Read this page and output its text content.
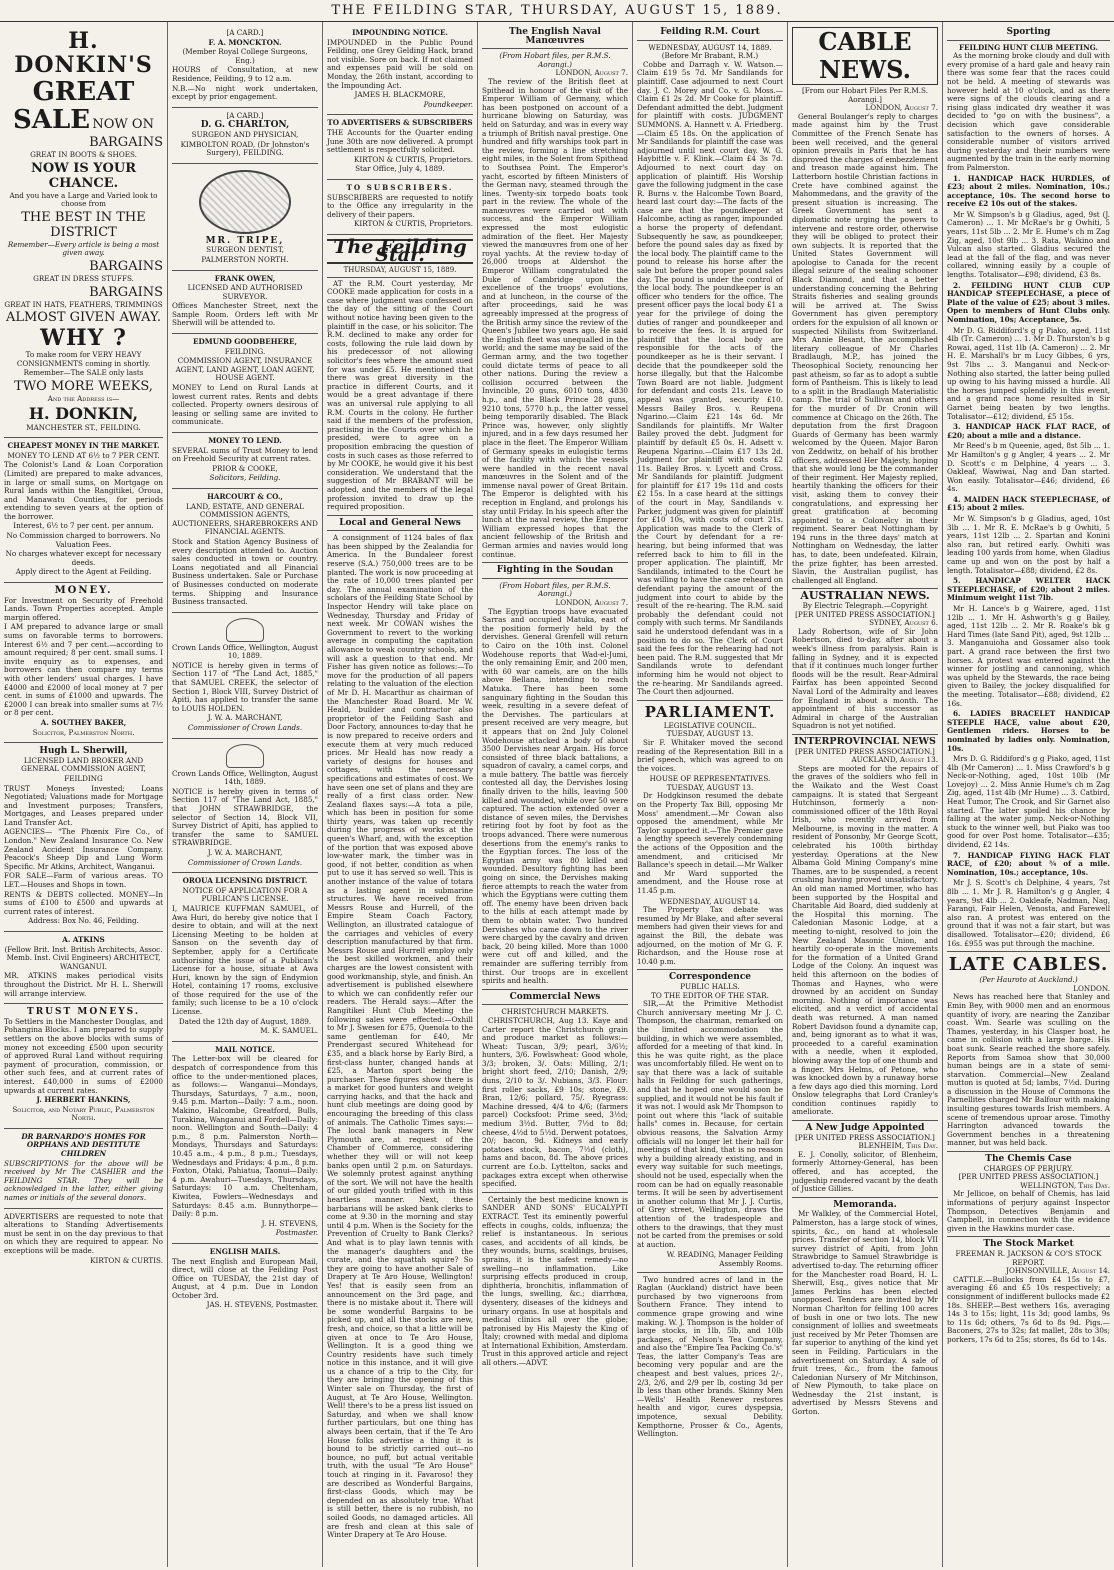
THE FEILDING STAR, THURSDAY, AUGUST 15, 1889.

H. DONKIN'S

GREAT SALE NOW ON

BARGAINS

GREAT IN BOOTS & SHOES.

NOW IS YOUR CHANCE.

And you have a Large and Varied look to choose from

THE BEST IN THE DISTRICT

Remember—Every article is being a most given away.

BARGAINS

GREAT IN DRESS STUFFS.

BARGAINS

GREAT IN HATS, FEATHERS, TRIMMINGS

ALMOST GIVEN AWAY.

WHY ?

To make room for VERY HEAVY CONSIGNMENTS coming in shortly.

Remember—The SALE only lasts

TWO MORE WEEKS,

And the Address is—

H. DONKIN,

MANCHESTER ST., FEILDING.

CHEAPEST MONEY IN THE MARKET.

MONEY TO LEND AT 6½ to 7 PER CENT.

The Colonist's Land & Loan Corporation (Limited) are prepared to make advances, in large or small sums, on Mortgage on Rural lands within the Rangitikei, Oroua, and Manawatu Counties, for periods extending to seven years at the option of the borrower.

Interest, 6½ to 7 per cent. per annum.

No Commission charged to borrowers. No Valuation Fees.

No charges whatever except for necessary deeds.

Apply direct to the Agent at Feilding.

MONEY.

For Investment on Security of Freehold Lands. Town Properties accepted. Ample margin offered.

I AM prepared to advance large or small sums on favorable terms to borrowers. Interest 6½ and 7 per cent.—according to amount required; 8 per cent. small sums. I invite enquiry as to expenses, and borrowers can then compare my terms with other lenders' usual charges. I have £4000 and £2000 of local money at 7 per cent. in sums of £1000 and upwards. The £2000 I can break into smaller sums at 7½ or 8 per cent.

A. SOUTHEY BAKER,

Solicitor, Palmerston North.

Hugh L. Sherwill,

LICENSED LAND BROKER AND GENERAL COMMISSION AGENT,

FEILDING

TRUST Moneys Invested; Loans Negotiated; Valuations made for Mortgage and Investment purposes; Transfers, Mortgages, and Leases prepared under Land Transfer Act.

AGENCIES— "The Phœnix Fire Co., of London." New Zealand Insurance Co. New Zealand Accident Insurance Company. Peacock's Sheep Dip and Lung Worm Specific. Mr Atkins, Architect, Wanganui.

FOR SALE—Farm of various areas. TO LET.—Houses and Shops in town.

RENTS & DEBTS collected. MONEY—In sums of £100 to £500 and upwards at current rates of interest.

Address: Box No. 46, Feilding.

A. ATKINS

(Fellow Brit. Inst. British Architects, Assoc. Memb. Inst. Civil Engineers) ARCHITECT, WANGANUI.

MR. ATKINS makes periodical visits throughout the District. Mr H. L. Sherwill will arrange interview.

TRUST MONEYS.

To Settlers in the Manchester Douglas, and Pohangina Blocks. I am prepared to supply settlers on the above blocks with sums of money not exceeding £500 upon security of approved Rural Land without requiring payment of procuration, commission, or other such fees, and at current rates of interest. £40,000 in sums of £2000 upwards at current rates.

J. HERBERT HANKINS,

Solicitor, and Notary Public, Palmerston North.

DR BARNARDO'S HOMES FOR ORPHANS AND DESTITUTE CHILDREN

SUBSCRIPTIONS for the above will be received by Mr The CASHIER and the FEILDING STAR. They will be acknowledged in the latter, either giving names or initials of the several donors.

ADVERTISERS are requested to note that alterations to Standing Advertisements must be sent in on the day previous to that on which they are required to appear. No exceptions will be made.

KIRTON & CURTIS.

[A CARD.]

F. A. MONCKTON.

(Member Royal College Surgeons, Eng.)

HOURS of Consultation, at new Residence, Feilding, 9 to 12 a.m.

N.B.—No night work undertaken, except by prior engagement.

[A CARD.]

D. G. CHARLTON,

SURGEON AND PHYSICIAN,

KIMBOLTON ROAD, (Dr Johnston's Surgery), FEILDING.

MR. TRIPE,

SURGEON DENTIST,

PALMERSTON NORTH.

FRANK OWEN,

LICENSED AND AUTHORISED SURVEYOR.

Offices Manchester Street, next the Sample Room. Orders left with Mr Sherwill will be attended to.

EDMUND GOODBEHERE,

FEILDING.

COMMISSION AGENT, INSURANCE AGENT, LAND AGENT, LOAN AGENT, HOUSE AGENT.

MONEY to Lend on Rural Lands at lowest current rates. Rents and debts collected. Property owners desirous of leasing or selling same are invited to communicate.

MONEY TO LEND.

SEVERAL sums of Trust Money to lend on Freehold Security at current rates.

PRIOR & COOKE,

Solicitors, Feilding.

HARCOURT & CO.,

LAND, ESTATE, AND GENERAL COMMISSION AGENTS, AUCTIONEERS, SHAREBROKERS AND FINANCIAL AGENTS.

Stock and Station Agency Business of every description attended to. Auction sales conducted in town or country. Loans negotiated and all Financial Business undertaken. Sale or Purchase of Businesses conducted on moderate terms. Shipping and Insurance Business transacted.

Crown Lands Office, Wellington, August 10, 1889.

NOTICE is hereby given in terms of Section 117 of "The Land Act, 1885," that SAMUEL CREEK, the selector of Section 1, Block VIII, Survey District of Apiti, has applied to transfer the same to LOUIS HOLDEN.

J. W. A. MARCHANT,

Commissioner of Crown Lands.

Crown Lands Office, Wellington, August 14th, 1889.

NOTICE is hereby given in terms of Section 117 of "The Land Act, 1885," that JOHN STRAWBRIDGE, the selector of Section 14, Block VII, Survey District of Apiti, has applied to transfer the same to SAMUEL STRAWBRIDGE.

J. W. A. MARCHANT,

Commissioner of Crown Lands.

OROUA LICENSING DISTRICT.

NOTICE OF APPLICATION FOR A PUBLICAN'S LICENSE.

I, MAURICE KUFFMAN SAMUEL, of Awa Huri, do hereby give notice that I desire to obtain, and will at the next Licensing Meeting to be holden at Sanson on the seventh day of September, apply for a Certificate authorising the issue of a Publican's License for a house, situate at Awa Huri, known by the sign of Endymion Hotel, containing 17 rooms, exclusive of those required for the use of the family; such license to be a 10 o'clock License.

Dated the 12th day of August, 1889.

M. K. SAMUEL.

MAIL NOTICE.

The Letter-box will be cleared for despatch of correspondence from this office to the under-mentioned places, as follows:— Wanganui—Mondays, Thursdays, Saturdays, 7 a.m., noon, 9.45 p.m. Marton—Daily: 7 a.m., noon. Makino, Halcombe, Greatford, Bulls, Turakina, Wanganui and Fordell—Daily: noon. Wellington and South—Daily: 4 p.m., 8 p.m. Palmerston North—Mondays, Thursdays and Saturdays: 10.45 a.m., 4 p.m., 8 p.m.; Tuesdays, Wednesdays and Fridays: 4 p.m., 8 p.m. Foxton, Otaki, Pahiatua, Taonui—Daily: 4 p.m. Awahuri—Tuesdays, Thursdays, Saturdays: 10 a.m. Cheltenham, Kiwitea, Fowlers—Wednesdays and Saturdays: 8.45 a.m. Bunnythorpe—Daily: 8 p.m.

J. H. STEVENS,

Postmaster.

ENGLISH MAILS.

The next English and European Mail, direct, will close at the Feilding Post Office on TUESDAY, the 21st day of August, at 4 p.m. Due in London October 3rd.

JAS. H. STEVENS, Postmaster.

IMPOUNDING NOTICE.

IMPOUNDED in the Public Pound Feilding, one Grey Gelding Hack, brand not visible. Sore on back. If not claimed and expenses paid will be sold on Monday, the 26th instant, according to the Impounding Act.

JAMES H. BLACKMORE,

Poundkeeper.

TO ADVERTISERS & SUBSCRIBERS

THE Accounts for the Quarter ending June 30th are now delivered. A prompt settlement is respectfully solicited.

KIRTON & CURTIS, Proprietors.

Star Office, July 4, 1889.

TO SUBSCRIBERS.

SUBSCRIBERS are requested to notify to the Office any irregularity in the delivery of their papers.

KIRTON & CURTIS, Proprietors.

The Feilding Star.
THURSDAY, AUGUST 15, 1889.

AT the R.M. Court yesterday, Mr COOKE made application for costs in a case where judgment was confessed on the day of the sitting of the Court without notice having been given to the plaintiff in the case, or his solicitor. The R.M. declined to make any order for costs, following the rule laid down by his predecessor of not allowing solicitor's fees where the amount sued for was under £5. He mentioned that there was great diversity in the practice in different Courts, and it would be a great advantage if there was an universal rule applying to all R.M. Courts in the colony. He further said if the members of the profession, practising in the Courts over which he presided, were to agree on a proposition embracing the question of costs in such cases as those referred to by Mr COOKE, he would give it his best consideration. We understand that the suggestion of Mr BRABANT will be adopted, and the members of the legal profession invited to draw up the required proposition.

Local and General News

A consignment of 1124 bales of flax has been shipped by the Zealandia for America. In the Bundaleer forest reserve (S.A.) 750,000 trees are to be planted. The work is now proceeding at the rate of 10,000 trees planted per day. The annual examination of the scholars of the Feilding State School by Inspector Hendry will take place on Wednesday, Thursday and Friday of next week. Mr COWAN wishes the Government to revert to the working average in computing the capitation allowance to weak country schools, and will ask a question to that end. Mr Fisher has given notice as follows:—To move for the production of all papers relating to the valuation of the election of Mr D. H. Macarthur as chairman of the Manchester Road Board. Mr W. Heald, builder and contractor also proprietor of the Feilding Sash and Door Factory, announces to-day that he is now prepared to receive orders and execute them at very much reduced prices. Mr Heald has now ready a variety of designs for houses and cottages, with the necessary specifications and estimates of cost. We have seen one set of plans and they are really of a first class order. New Zealand flaxes says:—A tota a pile, which has been in position for some thirty years, was taken up recently during the progress of works at the queen's Wharf, and, with the exception of the portion that was exposed above low-water mark, the timber was in good, if not better, condition as when put to use it has served so well. This is another instance of the value of totara as a lasting agent in submarine structures. We have received from Messrs Rouse and Hurrell, of the Empire Steam Coach Factory, Wellington, an illustrated catalogue of the carriages and vehicles of every description manufactured by that firm. Messrs Rouse and Hurrell employ only the best skilled workmen, and their charges are the lowest consistent with good workmanship, style, and finish. An advertisement is published elsewhere to which we can confidently refer our readers. The Herald says:—After the Rangitikei Hunt Club Meeting the following sales were effected:—Oxhill to Mr J. Swesen for £75, Quenola to the same gentleman for £40, Mr Prendergast secured Whitehead for £35, and a black horse by Early Bird, a first-class hunter, changed hands at £25, a Marton sport being the purchaser. These figures show there is a market for good hunters and weight carrying hacks, and that the hack and hunt club meetings are doing good by encouraging the breeding of this class of animals. The Catholic Times says:—The local bank managers in New Plymouth are, at request of the Chamber of Commerce, considering whether they will or will not keep banks open until 2 p.m. on Saturdays. We solemnly protest against anything of the sort. We will not have the health of our gilded youth trifled with in this heartless manner. Next, these barbarians will be asked bank clerks to come at 9.30 in the morning and stay until 4 p.m. When is the Society for the Prevention of Cruelty to Bank Clerks? And what is to play lawn tennis with the manager's daughters and the curate, and the squattah squire? So they are going to have another Sale of Drapery at Te Aro House, Wellington! Yes! that is easily seen from an announcement on the 3rd page, and there is no mistake about it. There will be some wonderful Bargains to be picked up, and all the stocks are new, fresh, and choice, so that a little will be given at once to Te Aro House, Wellington. It is a good thing we Country residents have such timely notice in this instance, and it will give us a chance of a trip to the City, for they are bringing the opening of this Winter sale on Thursday, the first of August, at Te Aro House, Wellington. Well! there's to be a press list issued on Saturday, and when we shall know further particulars, but one thing has always been certain, that if the Te Aro House folks advertise a thing it is bound to be strictly carried out—no bounce, no puff, but actual veritable truth, with the usual "Te Aro House" touch at ringing in it. Favaroso! they are described as Wonderful Bargains, first-class Goods, which may be depended on as absolutely true. What is still better, there is no rubbish, no soiled Goods, no damaged articles. All are fresh and clean at this sale of Winter Drapery at Te Aro House.

The English Naval Manœuvres

(From Hobart files, per R.M.S. Aorangi.)

LONDON, August 7.

The review of the British fleet at Spithead in honour of the visit of the Emperor William of Germany, which has been postponed on account of a hurricane blowing on Saturday, was held on Saturday, and was in every way a triumph of British naval prestige. One hundred and fifty warships took part in the review, forming a line stretching eight miles, in the Solent from Spithead to Southsea Point. The Emperor's yacht, escorted by fifteen Ministers of the German navy, steamed through the lines. Twenty-six torpedo boats took part in the review. The whole of the manœuvres were carried out with success, and the Emperor William expressed the most eulogistic admiration of the fleet. Her Majesty viewed the manœuvres from one of her royal yachts. At the review to-day of 26,000 troops at Aldershot the Emperor William congratulated the Duke of Cambridge upon the excellence of the troops' evolutions, and at luncheon, in the course of the after proceedings, said he was agreeably impressed at the progress of the British army since the review of the Queen's Jubilee two years ago. He said the English fleet was unequalled in the world; and the same may be said of the German army, and the two together could dictate terms of peace to all other nations. During the review a collision occurred between the Invincible, 20 guns, 6010 tons, 4830 h.p., and the Black Prince 28 guns, 9210 tons, 5770 h.p., the latter vessel being temporarily disabled. The Black Prince was, however, only slightly injured, and in a few days resumed her place in the fleet. The Emperor William of Germany speaks in eulogistic terms of the facility with which the vessels were handled in the recent naval manœuvres in the Solent and of the immense naval power of Great Britain. The Emperor is delighted with his reception in England, and prolongs his stay until Friday. In his speech after the lunch at the naval review, the Emperor William expressed hopes that the ancient fellowship of the British and German armies and navies would long continue.

Fighting in the Soudan

(From Hobart files, per R.M.S. Aorangi.)

LONDON, August 7.

The Egyptian troops have evacuated Sarras and occupied Matuka, east of the position formerly held by the dervishes. General Grenfell will return to Cairo on the 10th inst. Colonel Wodehouse reports that Wad-el-Jumi, the only remaining Emir, and 200 men, with 60 war camels, are on the hills above Bellana, intending to reach Matuka. There has been some sanguinary fighting in the Soudan this week, resulting in a severe defeat of the Dervishes. The particulars at present received are very meagre, but it appears that on 2nd July Colonel Wodehouse attacked a body of about 3500 Dervishes near Argain. His force consisted of three black battalions, a squadron of cavalry, a camel corps, and a mule battery. The battle was fiercely contested all day, the Dervishes losing finally driven to the hills, leaving 500 killed and wounded, while over 50 were captured. The action extended over a distance of seven miles, the Dervishes retiring foot by foot by foot as the troops advanced. There were numerous desertions from the enemy's ranks to the Egyptian forces. The loss of the Egyptian army was 80 killed and wounded. Desultory fighting has been going on since, the Dervishes making fierce attempts to reach the water from which the Egyptians were cutting them off. The enemy have been driven back to the hills at each attempt made by them to obtain water. Two hundred Dervishes who came down to the river were charged by the cavalry and driven back, 20 being killed. More than 1000 were cut off and killed, and the remainder are suffering terribly from thirst. Our troops are in excellent spirits and health.

Commercial News

CHRISTCHURCH MARKETS.

CHRISTCHURCH, Aug 13. Kaye and Carter report the Christchurch grain and produce market as follows:—Wheat: Tuscan, 3/9; pearl, 3/6½; hunters, 3/6. Fowlswheat: Good whole, 3/3; broken, 3/. Oats: Milling, 2/1; bright short feed, 2/10; Danish, 2/9; duns, 2/10 to 3/. Nubians, 3/3. Flour: first roller sacks, £9 10s; stone, £9. Bran, 12/6; pollard, 75/. Ryegrass: Machine dressed, 4/4 to 4/6; (farmers parcel) Cocksfoot: Prime seed, 3½d; medium 3½d. Butter, 7½d to 8d; cheese, 4½d to 5½d. Derwent potatoes, 20/; bacon, 9d. Kidneys and early potatoes stock, bacon, 7½d (cloth), hams and bacon, 8d. The above prices current are f.o.b. Lyttelton, sacks and packages extra except when otherwise specified.

Certainly the best medicine known is SANDER AND SONS' EUCALYPTI EXTRACT. Test its eminently powerful effects in coughs, colds, influenza; the relief is instantaneous. In serious cases, and accidents of all kinds, be they wounds, burns, scaldings, bruises, sprains, it is the safest remedy—no swelling—no inflammation. Like surprising effects produced in croup, diphtheria, bronchitis, inflammation of the lungs, swelling, &c.; diarrhœa, dysentery, diseases of the kidneys and urinary organs. In use at hospitals and medical clinics all over the globe; patronised by His Majesty the King of Italy; crowned with medal and diploma at International Exhibition, Amsterdam. Trust in this approved article and reject all others.—ADVT.

Feilding R.M. Court

WEDNESDAY, AUGUST 14, 1889.

(Before Mr Brabant, R.M.)

Cobbe and Darragh v. W. Watson.—Claim £19 5s 7d. Mr Sandilands for plaintiff. Case adjourned to next Court day. J. C. Morey and Co. v. G. Moss.—Claim £1 2s 2d. Mr Cooke for plaintiff. Defendant admitted the debt. Judgment for plaintiff with costs. JUDGMENT SUMMONS. A. Hannett v. A. Friedberg.—Claim £5 18s. On the application of Mr Sandilands for plaintiff the case was adjourned until next court day. W. G. Haybittle v. F. Klink.—Claim £4 3s 7d. Adjourned to next court day on application of plaintiff. His Worship gave the following judgment in the case R. Burns v. the Halcombe Town Board, heard last court day:—The facts of the case are that the poundkeeper at Halcombe, acting as ranger, impounded a horse the property of defendant. Subsequently he saw, as poundkeeper, before the pound sales day as fixed by the local body. The plaintiff came to the pound to release his horse after the sale but before the proper pound sales day. The pound is under the control of the local body. The poundkeeper is an officer who tenders for the office. The present officer pays the local body £1 a year for the privilege of doing the duties of ranger and poundkeeper and to receive the fees. It is argued for plaintiff that the local body are responsible for the acts of the poundkeeper as he is their servant. I decide that the poundkeeper sold the horse illegally, but that the Halcombe Town Board are not liable. Judgment for defendant and costs 21s. Leave to appeal was granted, security £10. Messrs Bailey Bros. v. Reupena Ngarino.—Claim £21 14s 6d. Mr Sandilands for plaintiffs. Mr Walter Bailey proved the debt. Judgment for plaintiff by default £5 0s. H. Adsett v. Reupena Ngarino.—Claim £17 13s 2d. Judgment for plaintiff with costs £2 11s. Bailey Bros. v. Lycett and Cross. Mr Sandilands for plaintiff. Judgment for plaintiff for £17 19s 11d and costs £2 15s. In a case heard at the sittings of the court in May, Sandilands v. Parker, judgment was given for plaintiff for £10 10s, with costs of court 21s. Application was made to the Clerk of the Court by defendant for a re-hearing, but being informed that was referred back to him to fill in the proper application. The plaintiff, Mr Sandilands, intimated to the Court he was willing to have the case reheard on defendant paying the amount of the judgment into court to abide by the result of the re-hearing. The R.M. said probably the defendant could not comply with such terms. Mr Sandilands said he understood defendant was in a position to do so. The Clerk of Court said the fees for the rehearing had not been paid. The R.M. suggested that Mr Sandilands wrote to defendant informing him he would not object to the re-hearing. Mr Sandilands agreed. The Court then adjourned.

PARLIAMENT.

LEGISLATIVE COUNCIL.

TUESDAY, AUGUST 13.

Sir F. Whitaker moved the second reading of the Representation Bill in a brief speech, which was agreed to on the voices.

HOUSE OF REPRESENTATIVES.

TUESDAY, AUGUST 13.

Dr Hodgkinson resumed the debate on the Property Tax Bill, opposing Mr Moss' amendment.—Mr Cowan also opposed the amendment, while Mr Taylor supported it.—The Premier gave a lengthy speech severely condemning the actions of the Opposition and the amendment, and criticised Mr Ballance's speech in detail.—Mr Walker and Mr Ward supported the amendment, and the House rose at 11.45 p.m.

WEDNESDAY, AUGUST 14.

The Property Tax debate was resumed by Mr Blake, and after several members had given their views for and against the Bill, the debate was adjourned, on the motion of Mr G. F. Richardson, and the House rose at 10.40 p.m.

Correspondence

PUBLIC HALLS.

TO THE EDITOR OF THE STAR.

SIR,—At the Primitive Methodist Church anniversary meeting Mr J. C. Thompson, the chairman, remarked on the limited accommodation the building, in which we were assembled, afforded for a meeting of that kind. In this he was quite right, as the place was uncomfortably filled. He went on to say that there was a lack of suitable halls in Feilding for such gatherings, and that he hoped one would soon be supplied, and it would not be his fault if it was not. I would ask Mr Thompson to point out where this "lack of suitable halls" comes in. Because, for certain obvious reasons, the Salvation Army officials will no longer let their hall for meetings of that kind, that is no reason why a building already existing, and in every way suitable for such meetings, should not be used, especially when the room can be had on equally reasonable terms. It will be seen by advertisement in another column that Mr J. J. Curtis, of Grey street, Wellington, draws the attention of the tradespeople and others to the drawings, that they must not be carted from the premises or sold at auction.

W. READING, Manager Feilding Assembly Rooms.

Two hundred acres of land in the Raglan (Auckland) district have been purchased by two vigneroons from Southern France. They intend to commence grape growing and wine making. W. J. Thompson is the holder of large stocks, in 1lb, 5lb, and 10lb packages, of Nelson's Tea Company, and also the "Empire Tea Packing Co.'s" Teas, the latter Company's Teas are becoming very popular and are the cheapest and best values, prices 2/-, 2/3, 2/6, and 2/9 per lb, costing 3d per lb less than other brands. Skinny Men—Wells' Health Renewer restores health and vigor, cures dyspepsia, impotence, sexual Debility. Kempthorne, Prosser & Co., Agents, Wellington.

CABLE NEWS.

[From our Hobart Files Per R.M.S. Aorangi.]

LONDON, August 7.

General Boulanger's reply to charges made against him by the Trust Committee of the French Senate has been well received, and the general opinion prevails in Paris that he has disproved the charges of embezzlement and treason made against him. The Latterborn hostile Christian factions in Crete have combined against the Mahommedans, and the gravity of the present situation is increasing. The Greek Government has sent a diplomatic note urging the powers to intervene and restore order, otherwise they will be obliged to protect their own subjects. It is reported that the United States Government will apologise to Canada for the recent illegal seizure of the sealing schooner Black Diamond, and that a better understanding concerning the Behring Straits fisheries and sealing grounds will be arrived at. The Swiss Government has given peremptory orders for the expulsion of all known or suspected Nihilists from Switzerland. Mrs Annie Besant, the accomplished literary colleague of Mr Charles Bradlaugh, M.P., has joined the Theosophical Society, renouncing her past atheism, so far as to adopt a subtle form of Pantheism. This is likely to lead to a split in the Bradlaugh Materialistic camp. The trial of Sullivan and others for the murder of Dr Cronin will commence at Chicago on the 26th. The deputation from the first Dragoon Guards of Germany has been warmly welcomed by the Queen. Major Baron von Zeddwitz, on behalf of his brother officers, addressed Her Majesty, hoping that she would long be the commander of their regiment. Her Majesty replied, heartily thanking the officers for their visit, asking them to convey their congratulations, and expressing her great gratification at becoming appointed to a Colonelcy in their regiment. Searer beat Nottingham by 194 runs in the three days' match at Nottingham on Wednesday, the latter has, to date, been undefeated. Kilrain, the prize fighter, has been arrested. Slavin, the Australian pugilist, has challenged all England.

AUSTRALIAN NEWS.

By Electric Telegraph.—Copyright

[PER UNITED PRESS ASSOCIATION.]

SYDNEY, August 6.

Lady Robertson, wife of Sir John Robertson, died to-day, after about a week's illness from paralysis. Rain is falling in Sydney, and it is expected that if it continues much longer further floods will be the result. Rear-Admiral Fairfax has been appointed Second Naval Lord of the Admiralty and leaves for England in about a month. The appointment of his successor as Admiral in charge of the Australian Squadron is not yet notified.

INTERPROVINCIAL NEWS

[PER UNITED PRESS ASSOCIATION.]

AUCKLAND, August 13.

Steps are mooted for the repairs of the graves of the soldiers who fell in the Waikato and the West Coast campaigns. It is stated that Sergeant Hutchinson, formerly a non-commissioned officer of the 18th Royal Irish, who recently arrived from Melbourne, is moving in the matter. A resident of Ponsonby, Mr George Scott, celebrated his 100th birthday yesterday. Operations at the New Albama Gold Mining Company's mine Thames, are to be suspended, a recent crushing having proved unsatisfactory. An old man named Mortimer, who has been supported by the Hospital and Charitable Aid Board, died suddenly at the Hospital this morning. The Caledonian Masonic Lodge, at a meeting to-night, resolved to join the New Zealand Masonic Union, and heartily co-operate in the movements for the formation of a United Grand Lodge of the Colony. An inquest was held this afternoon on the bodies of Thomas and Haynes, who were drowned by an accident on Sunday morning. Nothing of importance was elicited, and a verdict of accidental death was returned. A man named Robert Davidson found a dynamite cap, and, being ignorant as to what it was, proceeded to a careful examination with a needle, when it exploded, blowing away the top of one thumb and a finger. Mrs Helms, of Petone, who was knocked down by a runaway horse a few days ago died this morning. Lord Onslow telegraphs that Lord Cranley's condition continues rapidly to ameliorate.

A New Judge Appointed

[PER UNITED PRESS ASSOCIATION.]

BLENHEIM, This Day.

E. J. Conolly, solicitor, of Blenheim, formerly Attorney-General, has been offered, and has accepted, the judgeship rendered vacant by the death of Justice Gillies.

Memoranda.

Mr Walkley, of the Commercial Hotel, Palmerston, has a large stock of wines, spirits, &c., on hand at wholesale prices. Transfer of section 14, block VII survey district of Apiti, from John Strawbridge to Samuel Strawbridge is advertised to-day. The returning officer for the Manchester road Board, H. L. Sherwill, Esq., gives notice that Mr James Perkins has been elected unopposed. Tenders are invited by Mr Norman Charlton for felling 100 acres of bush in one or two lots. The new consignment of lollies and sweetmeats just received by Mr Peter Thomsen are far superior to anything of the kind yet seen in Feilding. Particulars in the advertisement on Saturday. A sale of fruit trees, &c., from the famous Caledonian Nursery of Mr Mitchinson, of New Plymouth, to take place on Wednesday the 21st instant, is advertised by Messrs Stevens and Gorton.

Sporting

FEILDING HUNT CLUB MEETING.

As the morning broke cloudy and dull with every promise of a hard gale and heavy rain there was some fear that the races could not be held. A meeting of stewards was however held at 10 o'clock, and as there were signs of the clouds clearing and a rising glass indicated dry weather it was decided to "go on with the business", a decision which gave considerable satisfaction to the owners of horses. A considerable number of visitors arrived during yesterday and their numbers were augmented by the train in the early morning from Palmerston.

1. HANDICAP HACK HURDLES, of £23; about 2 miles. Nomination, 10s.; acceptance, 10s. The second horse to receive £2 10s out of the stakes.

Mr W. Simpson's b g Gladius, aged, 9st (J. Cameron) ... 1. Mr McRae's br g Owhiti, 5 years, 11st 5lb ... 2. Mr E. Hume's ch m Zag Zig, aged, 10st 9lb ... 3. Rata, Waikino and Vulcan also started. Gladius secured the lead at the fall of the flag, and was never collared, winning easily by a couple of lengths. Totalisator—£98; dividend, £3 8s.

2. FEILDING HUNT CLUB CUP HANDICAP STEEPLECHASE, a piece of Plate of the value of £25; about 3 miles. Open to members of Hunt Clubs only. Nomination, 10s; Acceptance, 5s.

Mr D. G. Riddiford's g g Piako, aged, 11st 4lb (Tr. Cameron) ... 1. Mr D. Thurston's b g Rowai, aged, 11st 1lb (A. Cameron) ... 2. Mr H. E. Marshall's br m Lucy Gibbes, 6 yrs, 9st 7lbs ... 3. Manganui and Neck-or-Nothing also started, the latter being pulled up owing to his having missed a hurdle. All the horses jumped splendidly in this event, and a grand race home resulted in Sir Garnet being beaten by two lengths. Totalisator—£12; dividend, £5 15s.

3. HANDICAP HACK FLAT RACE, of £20; about a mile and a distance.

Mr Reed's b m Queenie, aged, 8st 5lb ... 1. Mr Hamilton's g g Angler, 4 years ... 2. Mr D. Scott's c m Delphine, 4 years ... 3. Oakleaf, Wawiwai, Nag and Dan started. Won easily. Totalisator—£46; dividend, £6 4s.

4. MAIDEN HACK STEEPLECHASE, of £15; about 2 miles.

Mr W. Simpson's b g Gladius, aged, 10st 3lb ... 1. Mr R. E. McRae's b g Owhiti, 5 years, 11st 12lb ... 2. Spartan and Konini also ran, but retired early. Owhiti was leading 100 yards from home, when Gladius came up and won on the post by half a length. Totalisator—£88; dividend, £2 8s.

5. HANDICAP WELTER HACK STEEPLECHASE, of £20; about 2 miles. Minimum weight 11st 7lb.

Mr H. Lance's b g Wairere, aged, 11st 12lb ... 1. Mr H. Ashworth's g g Bailey, aged, 11st 12lb ... 2. Mr R. Roake's bk g Hard Times (late Sand Pit), aged, 9st 12lb ... 3. Manganuioha and Gossamer also took part. A grand race between the first two horses. A protest was entered against the winner for jostling and cannoning, which was upheld by the Stewards, the race being given to Bailey, the jockey disqualified for the meeting. Totalisator—£88; dividend, £2 16s.

6. LADIES BRACELET HANDICAP STEEPLE HACE, value about £20, Gentlemen riders. Horses to be nominated by ladies only. Nomination, 10s.

Mrs D. G. Riddiford's g g Piako, aged, 11st 4lb (Mr Cameron) ... 1. Miss Crawford's b g Neck-or-Nothing, aged, 10st 10lb (Mr Lovejoy) ... 2. Miss Annie Hume's ch m Zag Zig, aged, 11st 4lb (Mr Hume) ... 3. Catbird, Heat Tumor, The Crook, and Sir Garnet also started. The latter spoiled his chance by falling at the water jump. Neck-or-Nothing stuck to the winner well, but Piako was too good for over Post home. Totalisator—£35; dividend, £2 14s.

7. HANDICAP FLYING HACK FLAT RACE, of £20; about ¾ of a mile. Nomination, 10s.; acceptance, 10s.

Mr J. S. Scott's ch Delphine, 4 years, 7st 8lb ... 1. Mr J. R. Hamilton's g g Angler, 4 years, 9st 4lb ... 2. Oakleafe, Nadman, Nag, Farangi, Fair Helen, Venosta, and Farewell also ran. A protest was entered on the ground that it was not a fair start, but was disallowed. Totalisator—£20; dividend, £6 16s. £955 was put through the machine.

LATE CABLES.

(Per Hauroto at Auckland.)

LONDON.

News has reached here that Stanley and Emin Bey, with 9000 men and an enormous quantity of ivory, are nearing the Zanzibar coast. Wm. Searle was sculling on the Thames, yesterday, in his Clasper boat, he came in collision with a large barge. His boat sunk. Searle reached the shore safely. Reports from Samoa show that 30,000 human beings are in a state of semi-starvation. Commercial—New Zealand mutton is quoted at 5d; lambs, 7½d. During a discussion in the House of Commons the Parnellites charged Mr Balfour with making insulting gestures towards Irish members. A scene of tremendous uproar arose. Timothy Harrington advanced towards the Government benches in a threatening manner, but was held back.

The Chemis Case

CHARGES OF PERJURY.

[PER UNITED PRESS ASSOCIATION.]

WELLINGTON, This Day.

Mr Jellicoe, on behalf of Chemis, has laid informations of perjury against Inspector Thompson, Detectives Benjamin and Campbell, in connection with the evidence given in the Hawkins murder case.

The Stock Market

FREEMAN R. JACKSON & CO'S STOCK REPORT.

JOHNSONVILLE, August 14.

CATTLE.—Bullocks from £4 15s to £7, averaging £6 and £5 10s respectively; a consignment of indifferent bullocks made £2 18s. SHEEP.—Best wethers 16s, averaging 14s 3 to 15s; light, 11s 3d; good lambs, 9s to 11s 6d; others, 7s 6d to 8s 9d. Pigs.—Baconers, 27s to 32s; fat mallet, 28s to 30s; porkers, 17s 6d to 25s; stores, 8s 6d to 14s.
